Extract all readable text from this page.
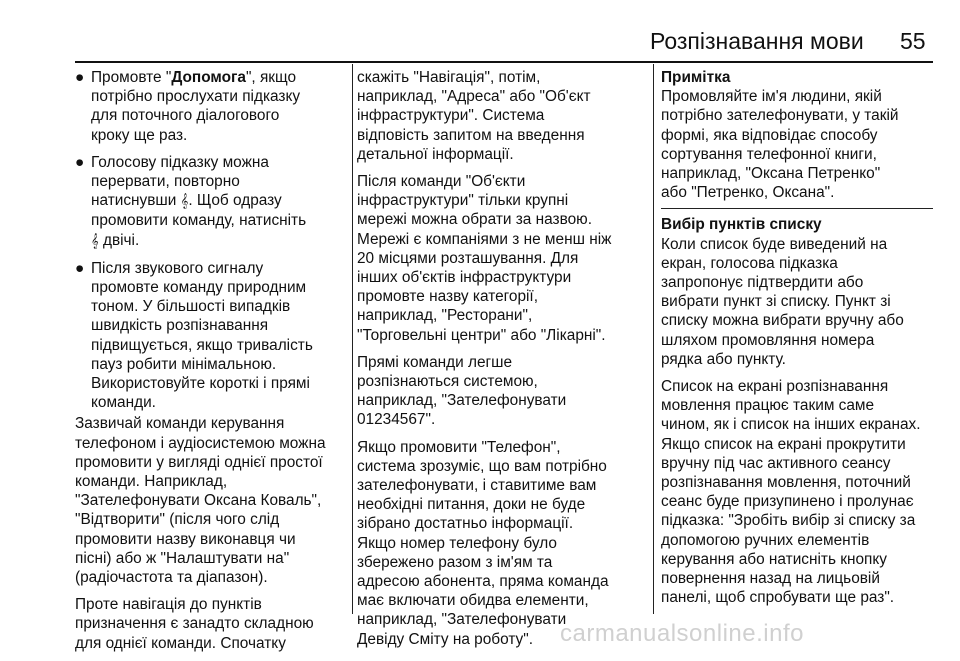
Розпізнавання мови 55
● Промовте "Допомога", якщо
потрібно прослухати підказку
для поточного діалогового
кроку ще раз.
● Голосову підказку можна
перервати, повторно
натиснувши 𝄞. Щоб одразу
промовити команду, натисніть
𝄞 двічі.
● Після звукового сигналу
промовте команду природним
тоном. У більшості випадків
швидкість розпізнавання
підвищується, якщо тривалість
пауз робити мінімальною.
Використовуйте короткі і прямі
команди.
Зазвичай команди керування
телефоном і аудіосистемою можна
промовити у вигляді однієї простої
команди. Наприклад,
"Зателефонувати Оксана Коваль",
"Відтворити" (після чого слід
промовити назву виконавця чи
пісні) або ж "Налаштувати на"
(радіочастота та діапазон).
Проте навігація до пунктів
призначення є занадто складною
для однієї команди. Спочатку
скажіть "Навігація", потім,
наприклад, "Адреса" або "Об'єкт
інфраструктури". Система
відповість запитом на введення
детальної інформації.
Після команди "Об'єкти
інфраструктури" тільки крупні
мережі можна обрати за назвою.
Мережі є компаніями з не менш ніж
20 місцями розташування. Для
інших об'єктів інфраструктури
промовте назву категорії,
наприклад, "Ресторани",
"Торговельні центри" або "Лікарні".
Прямі команди легше
розпізнаються системою,
наприклад, "Зателефонувати
01234567".
Якщо промовити "Телефон",
система зрозуміє, що вам потрібно
зателефонувати, і ставитиме вам
необхідні питання, доки не буде
зібрано достатньо інформації.
Якщо номер телефону було
збережено разом з ім'ям та
адресою абонента, пряма команда
має включати обидва елементи,
наприклад, "Зателефонувати
Девіду Сміту на роботу".
Примітка
Промовляйте ім'я людини, якій
потрібно зателефонувати, у такій
формі, яка відповідає способу
сортування телефонної книги,
наприклад, "Оксана Петренко"
або "Петренко, Оксана".
Вибір пунктів списку
Коли список буде виведений на
екран, голосова підказка
запропонує підтвердити або
вибрати пункт зі списку. Пункт зі
списку можна вибрати вручну або
шляхом промовляння номера
рядка або пункту.
Список на екрані розпізнавання
мовлення працює таким саме
чином, як і список на інших екранах.
Якщо список на екрані прокрутити
вручну під час активного сеансу
розпізнавання мовлення, поточний
сеанс буде призупинено і пролунає
підказка: "Зробіть вибір зі списку за
допомогою ручних елементів
керування або натисніть кнопку
повернення назад на лицьовій
панелі, щоб спробувати ще раз".
carmanualsonline.info
